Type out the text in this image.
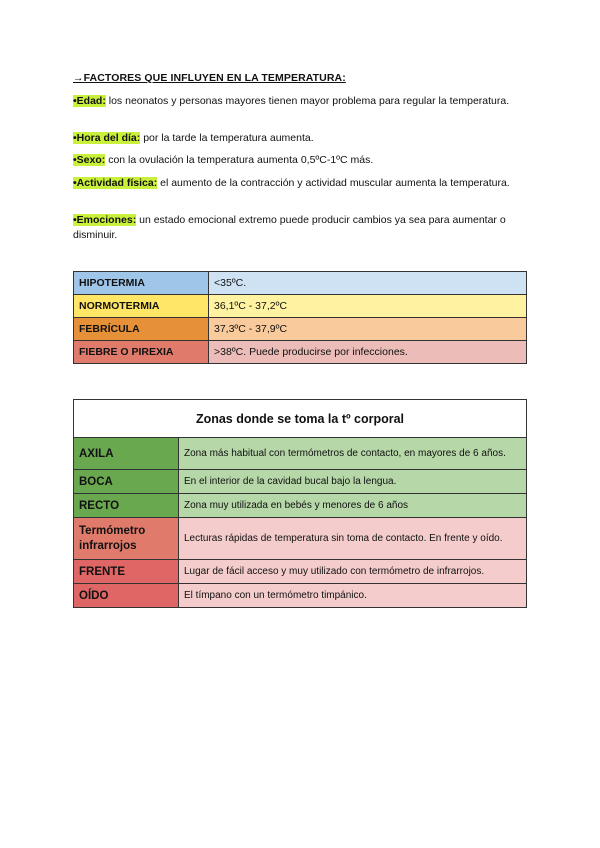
→FACTORES QUE INFLUYEN EN LA TEMPERATURA:
•Edad: los neonatos y personas mayores tienen mayor problema para regular la temperatura.
•Hora del día: por la tarde la temperatura aumenta.
•Sexo: con la ovulación la temperatura aumenta 0,5ºC-1ºC más.
•Actividad física: el aumento de la contracción y actividad muscular aumenta la temperatura.
•Emociones: un estado emocional extremo puede producir cambios ya sea para aumentar o disminuir.
HIPOTERMIA	<35ºC.
NORMOTERMIA	36,1ºC - 37,2ºC
FEBRÍCULA	37,3ºC - 37,9ºC
FIEBRE O PIREXIA	>38ºC. Puede producirse por infecciones.
Zonas donde se toma la tº corporal	
AXILA	Zona más habitual con termómetros de contacto, en mayores de 6 años.
BOCA	En el interior de la cavidad bucal bajo la lengua.
RECTO	Zona muy utilizada en bebés y menores de 6 años
Termómetro infrarrojos	Lecturas rápidas de temperatura sin toma de contacto. En frente y oído.
FRENTE	Lugar de fácil acceso y muy utilizado con termómetro de infrarrojos.
OÍDO	El tímpano con un termómetro timpánico.
